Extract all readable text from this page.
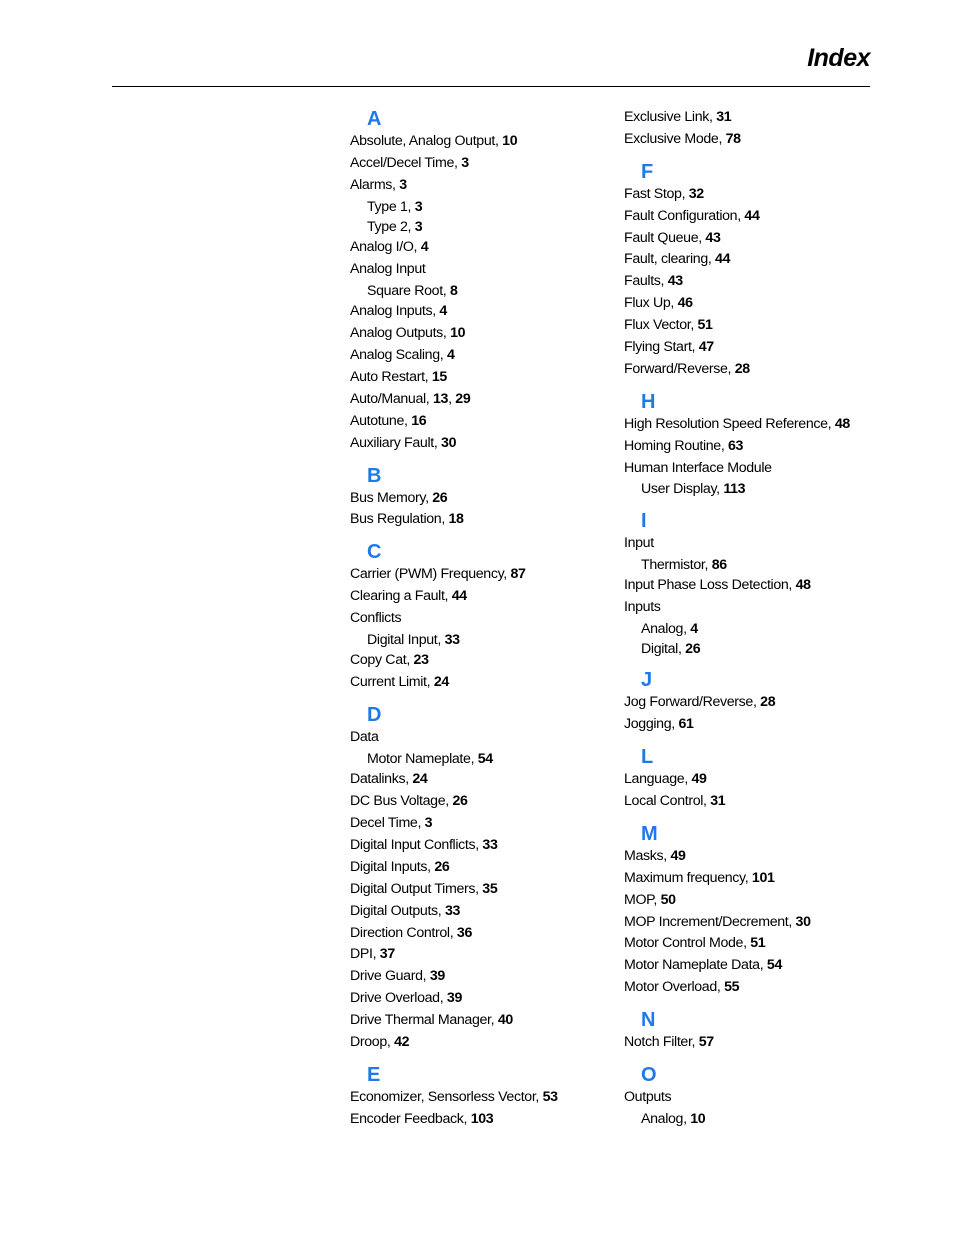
Index
A
Absolute, Analog Output, 10
Accel/Decel Time, 3
Alarms, 3
Type 1, 3
Type 2, 3
Analog I/O, 4
Analog Input
Square Root, 8
Analog Inputs, 4
Analog Outputs, 10
Analog Scaling, 4
Auto Restart, 15
Auto/Manual, 13, 29
Autotune, 16
Auxiliary Fault, 30
B
Bus Memory, 26
Bus Regulation, 18
C
Carrier (PWM) Frequency, 87
Clearing a Fault, 44
Conflicts
Digital Input, 33
Copy Cat, 23
Current Limit, 24
D
Data
Motor Nameplate, 54
Datalinks, 24
DC Bus Voltage, 26
Decel Time, 3
Digital Input Conflicts, 33
Digital Inputs, 26
Digital Output Timers, 35
Digital Outputs, 33
Direction Control, 36
DPI, 37
Drive Guard, 39
Drive Overload, 39
Drive Thermal Manager, 40
Droop, 42
E
Economizer, Sensorless Vector, 53
Encoder Feedback, 103
Exclusive Link, 31
Exclusive Mode, 78
F
Fast Stop, 32
Fault Configuration, 44
Fault Queue, 43
Fault, clearing, 44
Faults, 43
Flux Up, 46
Flux Vector, 51
Flying Start, 47
Forward/Reverse, 28
H
High Resolution Speed Reference, 48
Homing Routine, 63
Human Interface Module
User Display, 113
I
Input
Thermistor, 86
Input Phase Loss Detection, 48
Inputs
Analog, 4
Digital, 26
J
Jog Forward/Reverse, 28
Jogging, 61
L
Language, 49
Local Control, 31
M
Masks, 49
Maximum frequency, 101
MOP, 50
MOP Increment/Decrement, 30
Motor Control Mode, 51
Motor Nameplate Data, 54
Motor Overload, 55
N
Notch Filter, 57
O
Outputs
Analog, 10
